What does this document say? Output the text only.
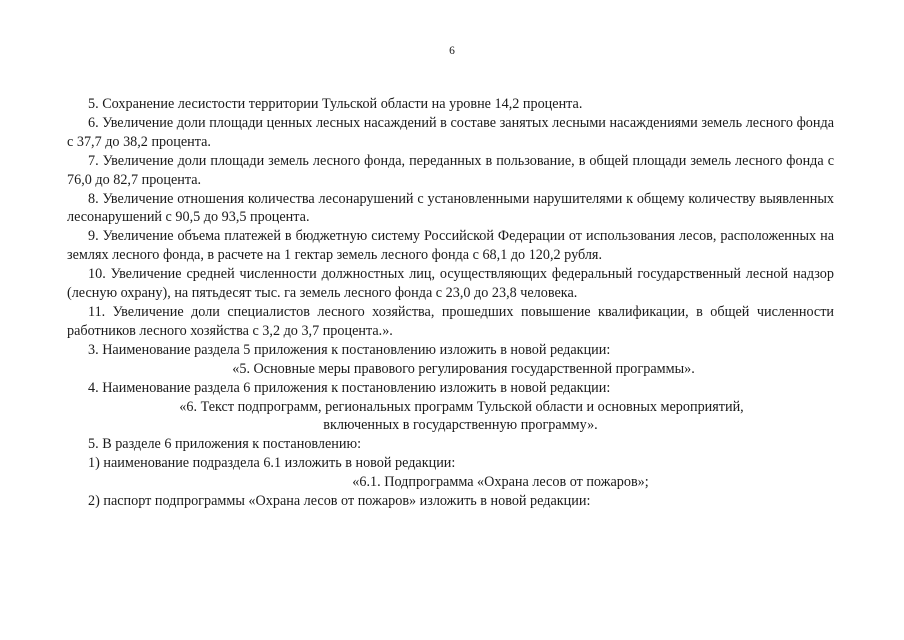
6

5. Сохранение лесистости территории Тульской области на уровне 14,2 процента.

6. Увеличение доли площади ценных лесных насаждений в составе занятых лесными насаждениями земель лесного фонда с 37,7 до 38,2 процента.

7. Увеличение доли площади земель лесного фонда, переданных в пользование, в общей площади земель лесного фонда с 76,0 до 82,7 процента.

8. Увеличение отношения количества лесонарушений с установленными нарушителями к общему количеству выявленных лесонарушений с 90,5 до 93,5 процента.

9. Увеличение объема платежей в бюджетную систему Российской Федерации от использования лесов, расположенных на землях лесного фонда, в расчете на 1 гектар земель лесного фонда с 68,1 до 120,2 рубля.

10. Увеличение средней численности должностных лиц, осуществляющих федеральный государственный лесной надзор (лесную охрану), на пятьдесят тыс. га земель лесного фонда с 23,0 до 23,8 человека.

11. Увеличение доли специалистов лесного хозяйства, прошедших повышение квалификации, в общей численности работников лесного хозяйства с 3,2 до 3,7 процента.».

3. Наименование раздела 5 приложения к постановлению изложить в новой редакции:

«5. Основные меры правового регулирования государственной программы».

4. Наименование раздела 6 приложения к постановлению изложить в новой редакции:

«6. Текст подпрограмм, региональных программ Тульской области и основных мероприятий,

включенных в государственную программу».

5. В разделе 6 приложения к постановлению:

1) наименование подраздела 6.1 изложить в новой редакции:

«6.1. Подпрограмма «Охрана лесов от пожаров»;

2) паспорт подпрограммы «Охрана лесов от пожаров» изложить в новой редакции:
